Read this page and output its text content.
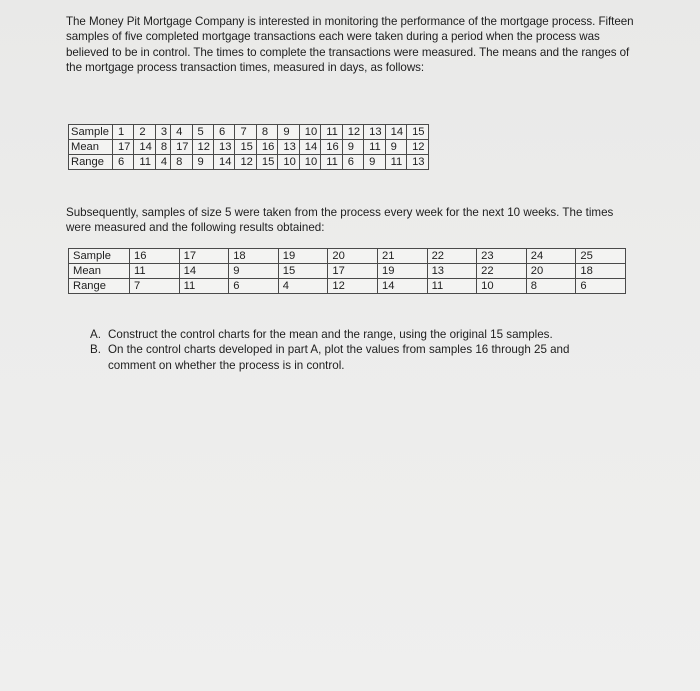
The Money Pit Mortgage Company is interested in monitoring the performance of the mortgage process. Fifteen samples of five completed mortgage transactions each were taken during a period when the process was believed to be in control. The times to complete the transactions were measured. The means and the ranges of the mortgage process transaction times, measured in days, as follows:

Sample	1	2	3	4	5	6	7	8	9	10	11	12	13	14	15
Mean	17	14	8	17	12	13	15	16	13	14	16	9	11	9	12
Range	6	11	4	8	9	14	12	15	10	10	11	6	9	11	13

Subsequently, samples of size 5 were taken from the process every week for the next 10 weeks. The times were measured and the following results obtained:

Sample	16	17	18	19	20	21	22	23	24	25
Mean	11	14	9	15	17	19	13	22	20	18
Range	7	11	6	4	12	14	11	10	8	6
A. Construct the control charts for the mean and the range, using the original 15 samples.
B. On the control charts developed in part A, plot the values from samples 16 through 25 and comment on whether the process is in control.
